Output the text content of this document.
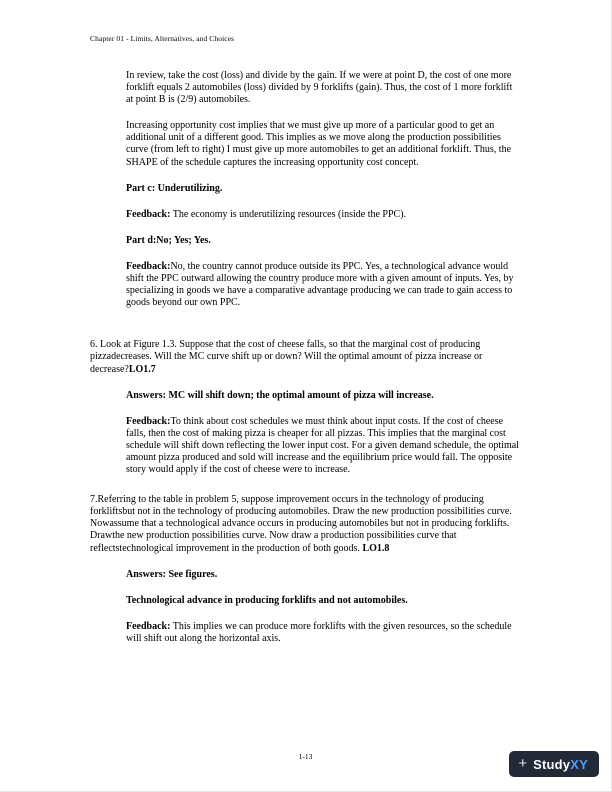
Chapter 01 - Limits, Alternatives, and Choices

In review, take the cost (loss) and divide by the gain. If we were at point D, the cost of one more forklift equals 2 automobiles (loss) divided by 9 forklifts (gain). Thus, the cost of 1 more forklift at point B is (2/9) automobiles.

Increasing opportunity cost implies that we must give up more of a particular good to get an additional unit of a different good. This implies as we move along the production possibilities curve (from left to right) I must give up more automobiles to get an additional forklift. Thus, the SHAPE of the schedule captures the increasing opportunity cost concept.

Part c: Underutilizing.

Feedback: The economy is underutilizing resources (inside the PPC).

Part d:No; Yes; Yes.

Feedback:No, the country cannot produce outside its PPC. Yes, a technological advance would shift the PPC outward allowing the country produce more with a given amount of inputs. Yes, by specializing in goods we have a comparative advantage producing we can trade to gain access to goods beyond our own PPC.

6. Look at Figure 1.3. Suppose that the cost of cheese falls, so that the marginal cost of producing pizzadecreases. Will the MC curve shift up or down? Will the optimal amount of pizza increase or decrease?LO1.7

Answers: MC will shift down; the optimal amount of pizza will increase.

Feedback:To think about cost schedules we must think about input costs. If the cost of cheese falls, then the cost of making pizza is cheaper for all pizzas. This implies that the marginal cost schedule will shift down reflecting the lower input cost. For a given demand schedule, the optimal amount pizza produced and sold will increase and the equilibrium price would fall. The opposite story would apply if the cost of cheese were to increase.

7.Referring to the table in problem 5, suppose improvement occurs in the technology of producing forkliftsbut not in the technology of producing automobiles. Draw the new production possibilities curve. Nowassume that a technological advance occurs in producing automobiles but not in producing forklifts. Drawthe new production possibilities curve. Now draw a production possibilities curve that reflectstechnological improvement in the production of both goods. LO1.8

Answers: See figures.

Technological advance in producing forklifts and not automobiles.

Feedback: This implies we can produce more forklifts with the given resources, so the schedule will shift out along the horizontal axis.

1-13	+ StudyXY
